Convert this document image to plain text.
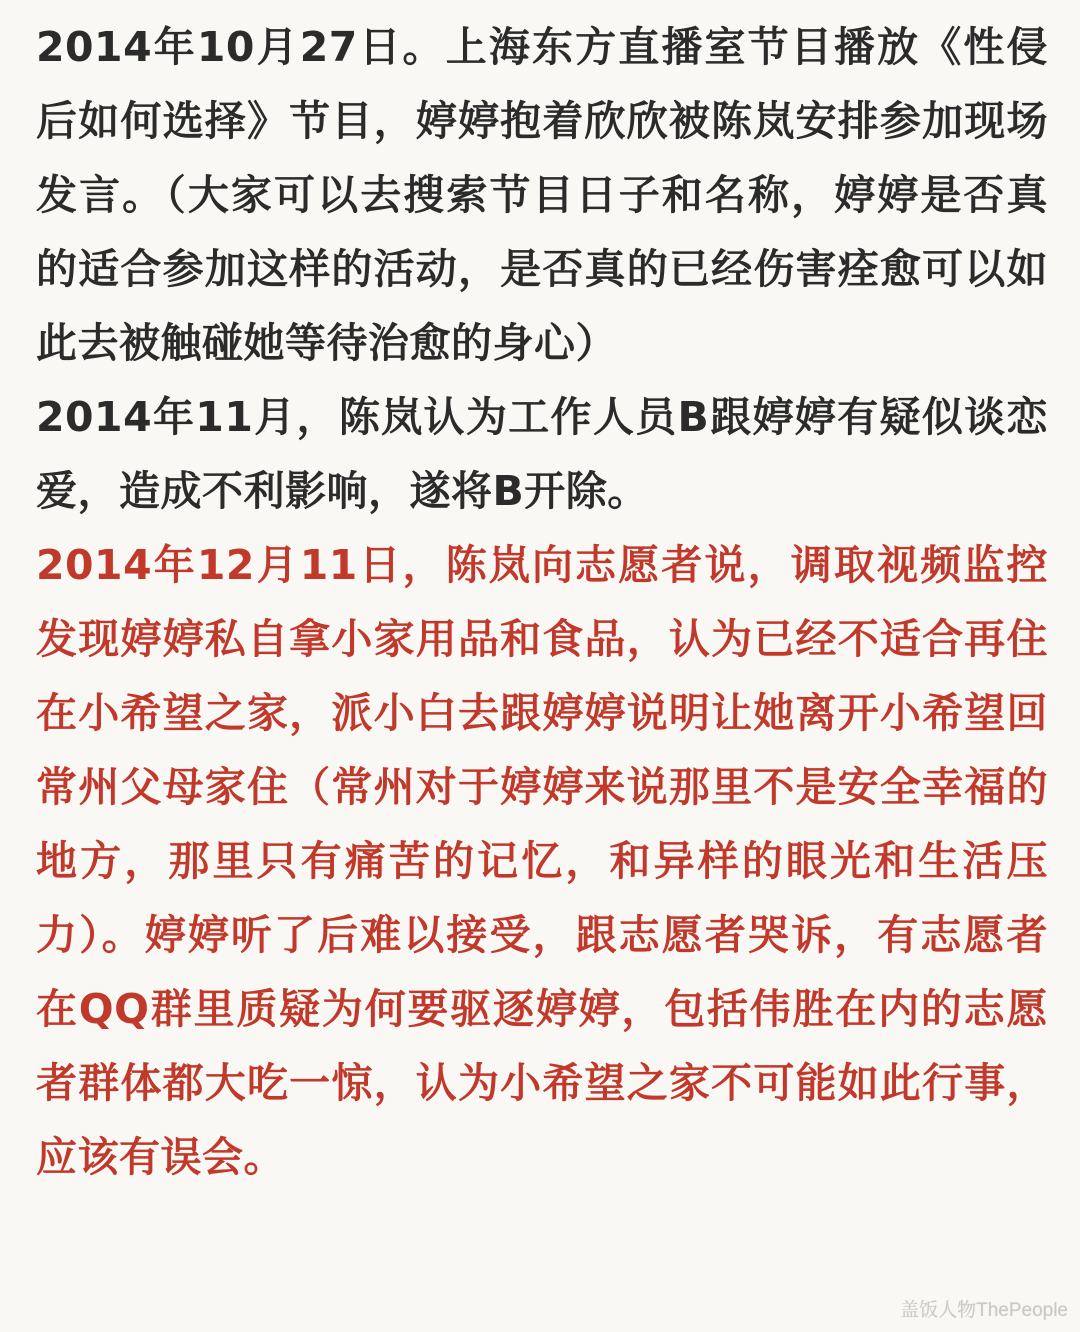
2014年10月27日。上海东方直播室节目播放《性侵后如何选择》节目，婷婷抱着欣欣被陈岚安排参加现场发言。（大家可以去搜索节目日子和名称，婷婷是否真的适合参加这样的活动，是否真的已经伤害痊愈可以如此去被触碰她等待治愈的身心）

2014年11月，陈岚认为工作人员B跟婷婷有疑似谈恋爱，造成不利影响，遂将B开除。

2014年12月11日，陈岚向志愿者说，调取视频监控发现婷婷私自拿小家用品和食品，认为已经不适合再住在小希望之家，派小白去跟婷婷说明让她离开小希望回常州父母家住（常州对于婷婷来说那里不是安全幸福的地方，那里只有痛苦的记忆，和异样的眼光和生活压力）。婷婷听了后难以接受，跟志愿者哭诉，有志愿者在QQ群里质疑为何要驱逐婷婷，包括伟胜在内的志愿者群体都大吃一惊，认为小希望之家不可能如此行事，应该有误会。

盖饭人物ThePeople
